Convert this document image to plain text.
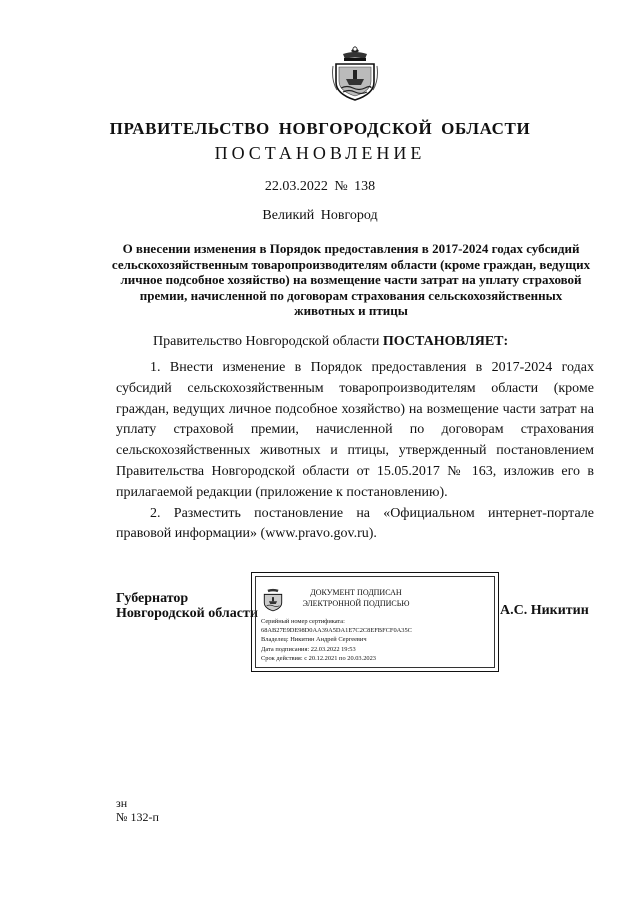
ПРАВИТЕЛЬСТВО НОВГОРОДСКОЙ ОБЛАСТИ
ПОСТАНОВЛЕНИЕ
22.03.2022 № 138
Великий Новгород
О внесении изменения в Порядок предоставления в 2017-2024 годах субсидий сельскохозяйственным товаропроизводителям области (кроме граждан, ведущих личное подсобное хозяйство) на возмещение части затрат на уплату страховой премии, начисленной по договорам страхования сельскохозяйственных животных и птицы
Правительство Новгородской области ПОСТАНОВЛЯЕТ:

1. Внести изменение в Порядок предоставления в 2017-2024 годах субсидий сельскохозяйственным товаропроизводителям области (кроме граждан, ведущих личное подсобное хозяйство) на возмещение части затрат на уплату страховой премии, начисленной по договорам страхования сельскохозяйственных животных и птицы, утвержденный постановлением Правительства Новгородской области от 15.05.2017 № 163, изложив его в прилагаемой редакции (приложение к постановлению).

2. Разместить постановление на «Официальном интернет-портале правовой информации» (www.pravo.gov.ru).

Губернатор
Новгородской области
ДОКУМЕНТ ПОДПИСАН
ЭЛЕКТРОННОЙ ПОДПИСЬЮ
Серийный номер сертификата:
68AB27E9DE98D0AA39A5DA1E7C2C8EFBFCF0A35C
Владелец: Никитин Андрей Сергеевич
Дата подписания: 22.03.2022 19:53
Срок действия: с 20.12.2021 по 20.03.2023
А.С. Никитин
зн
№ 132-п
